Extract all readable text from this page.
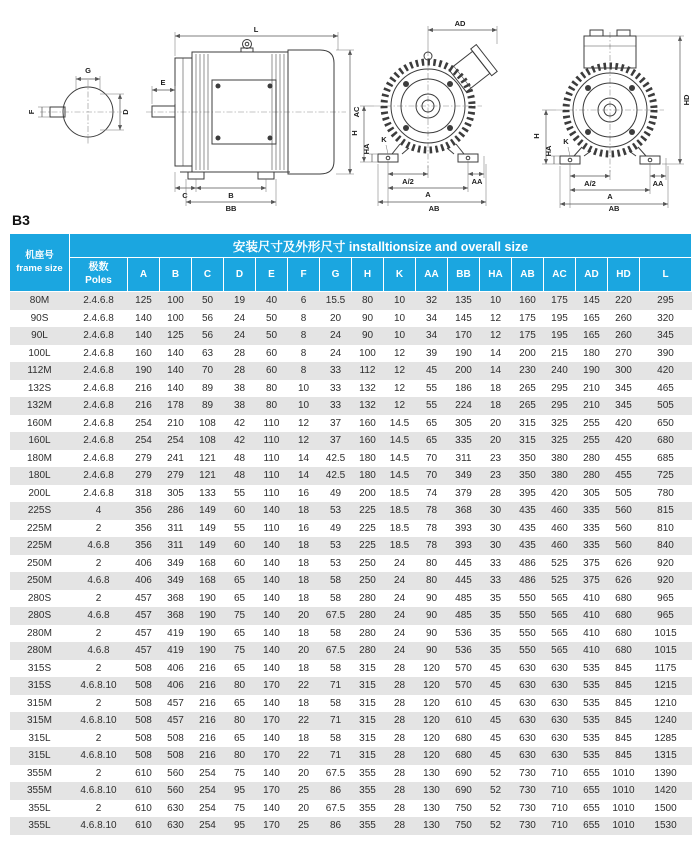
G
D
F
L
E
AC
C	B
BB
AD
H
HA
K
A/2	AA
A
AB
HD
H
HA
K
A/2	AA
A
AB
B3
机座号
frame size	安装尺寸及外形尺寸 installtionsize and overall size																	

	极数
Poles	A	B	C	D	E	F	G	H	K	AA	BB	HA	AB	AC	AD	HD	L
80M	2.4.6.8	125	100	50	19	40	6	15.5	80	10	32	135	10	160	175	145	220	295
90S	2.4.6.8	140	100	56	24	50	8	20	90	10	34	145	12	175	195	165	260	320
90L	2.4.6.8	140	125	56	24	50	8	24	90	10	34	170	12	175	195	165	260	345
100L	2.4.6.8	160	140	63	28	60	8	24	100	12	39	190	14	200	215	180	270	390
112M	2.4.6.8	190	140	70	28	60	8	33	112	12	45	200	14	230	240	190	300	420
132S	2.4.6.8	216	140	89	38	80	10	33	132	12	55	186	18	265	295	210	345	465
132M	2.4.6.8	216	178	89	38	80	10	33	132	12	55	224	18	265	295	210	345	505
160M	2.4.6.8	254	210	108	42	110	12	37	160	14.5	65	305	20	315	325	255	420	650
160L	2.4.6.8	254	254	108	42	110	12	37	160	14.5	65	335	20	315	325	255	420	680
180M	2.4.6.8	279	241	121	48	110	14	42.5	180	14.5	70	311	23	350	380	280	455	685
180L	2.4.6.8	279	279	121	48	110	14	42.5	180	14.5	70	349	23	350	380	280	455	725
200L	2.4.6.8	318	305	133	55	110	16	49	200	18.5	74	379	28	395	420	305	505	780
225S	4	356	286	149	60	140	18	53	225	18.5	78	368	30	435	460	335	560	815
225M	2	356	311	149	55	110	16	49	225	18.5	78	393	30	435	460	335	560	810
225M	4.6.8	356	311	149	60	140	18	53	225	18.5	78	393	30	435	460	335	560	840
250M	2	406	349	168	60	140	18	53	250	24	80	445	33	486	525	375	626	920
250M	4.6.8	406	349	168	65	140	18	58	250	24	80	445	33	486	525	375	626	920
280S	2	457	368	190	65	140	18	58	280	24	90	485	35	550	565	410	680	965
280S	4.6.8	457	368	190	75	140	20	67.5	280	24	90	485	35	550	565	410	680	965
280M	2	457	419	190	65	140	18	58	280	24	90	536	35	550	565	410	680	1015
280M	4.6.8	457	419	190	75	140	20	67.5	280	24	90	536	35	550	565	410	680	1015
315S	2	508	406	216	65	140	18	58	315	28	120	570	45	630	630	535	845	1175
315S	4.6.8.10	508	406	216	80	170	22	71	315	28	120	570	45	630	630	535	845	1215
315M	2	508	457	216	65	140	18	58	315	28	120	610	45	630	630	535	845	1210
315M	4.6.8.10	508	457	216	80	170	22	71	315	28	120	610	45	630	630	535	845	1240
315L	2	508	508	216	65	140	18	58	315	28	120	680	45	630	630	535	845	1285
315L	4.6.8.10	508	508	216	80	170	22	71	315	28	120	680	45	630	630	535	845	1315
355M	2	610	560	254	75	140	20	67.5	355	28	130	690	52	730	710	655	1010	1390
355M	4.6.8.10	610	560	254	95	170	25	86	355	28	130	690	52	730	710	655	1010	1420
355L	2	610	630	254	75	140	20	67.5	355	28	130	750	52	730	710	655	1010	1500
355L	4.6.8.10	610	630	254	95	170	25	86	355	28	130	750	52	730	710	655	1010	1530
